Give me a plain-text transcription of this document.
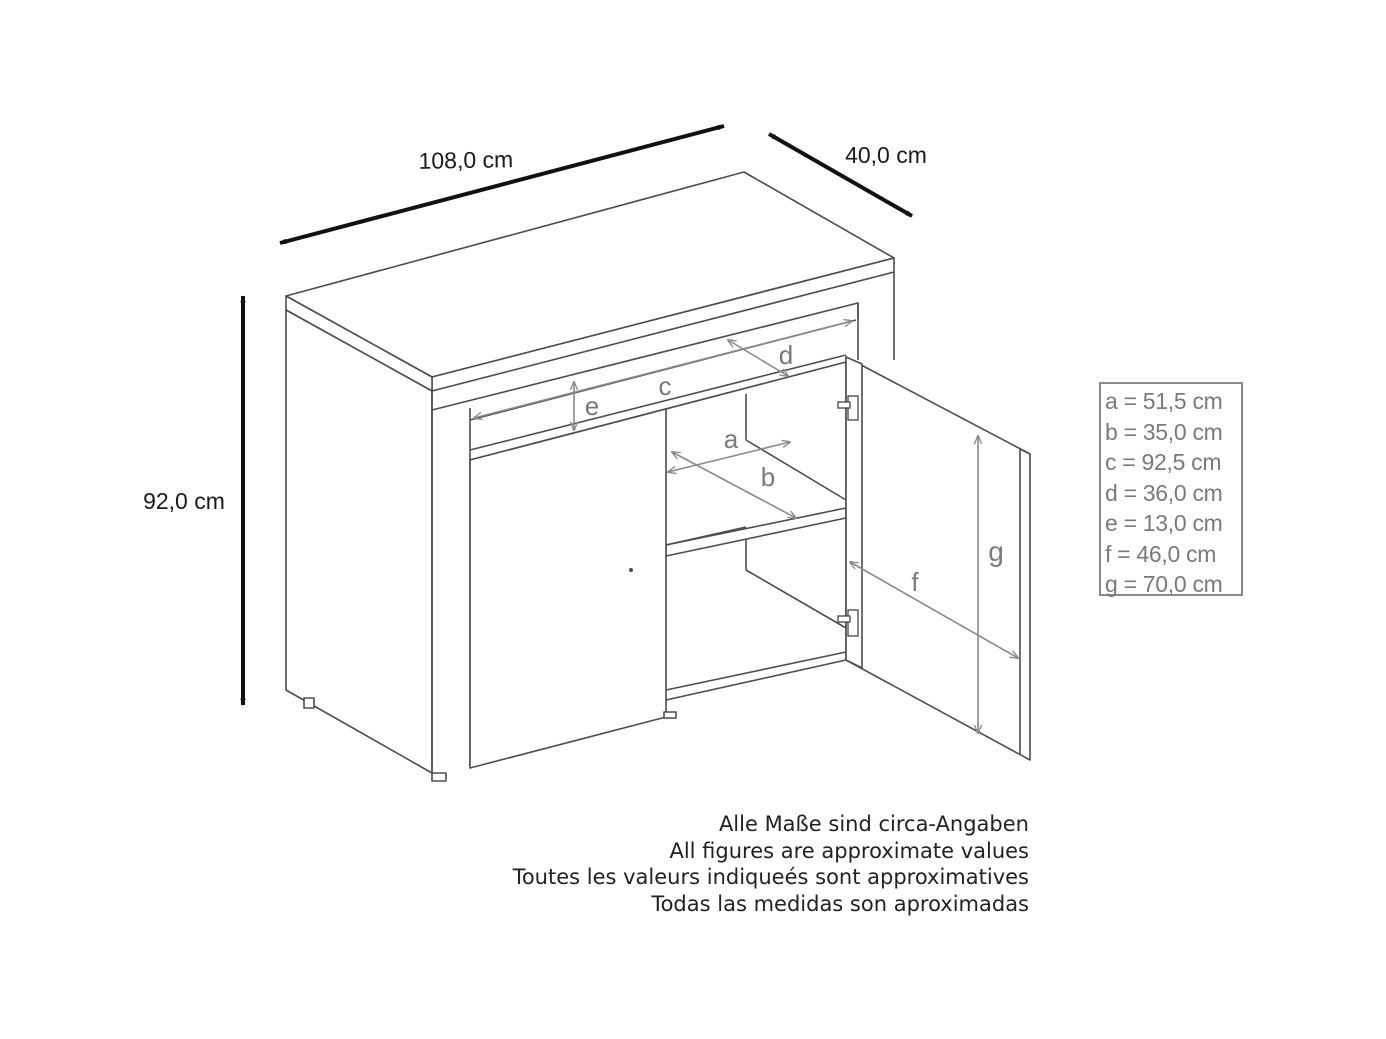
108,0 cm	40,0 cm
92,0 cm
a
b
c
d
e
f
g
a = 51,5 cm
b = 35,0 cm
c = 92,5 cm
d = 36,0 cm
e = 13,0 cm
f = 46,0 cm
g = 70,0 cm
Alle Maße sind circa-Angaben
All figures are approximate values
Toutes les valeurs indiqueés sont approximatives
Todas las medidas son aproximadas
